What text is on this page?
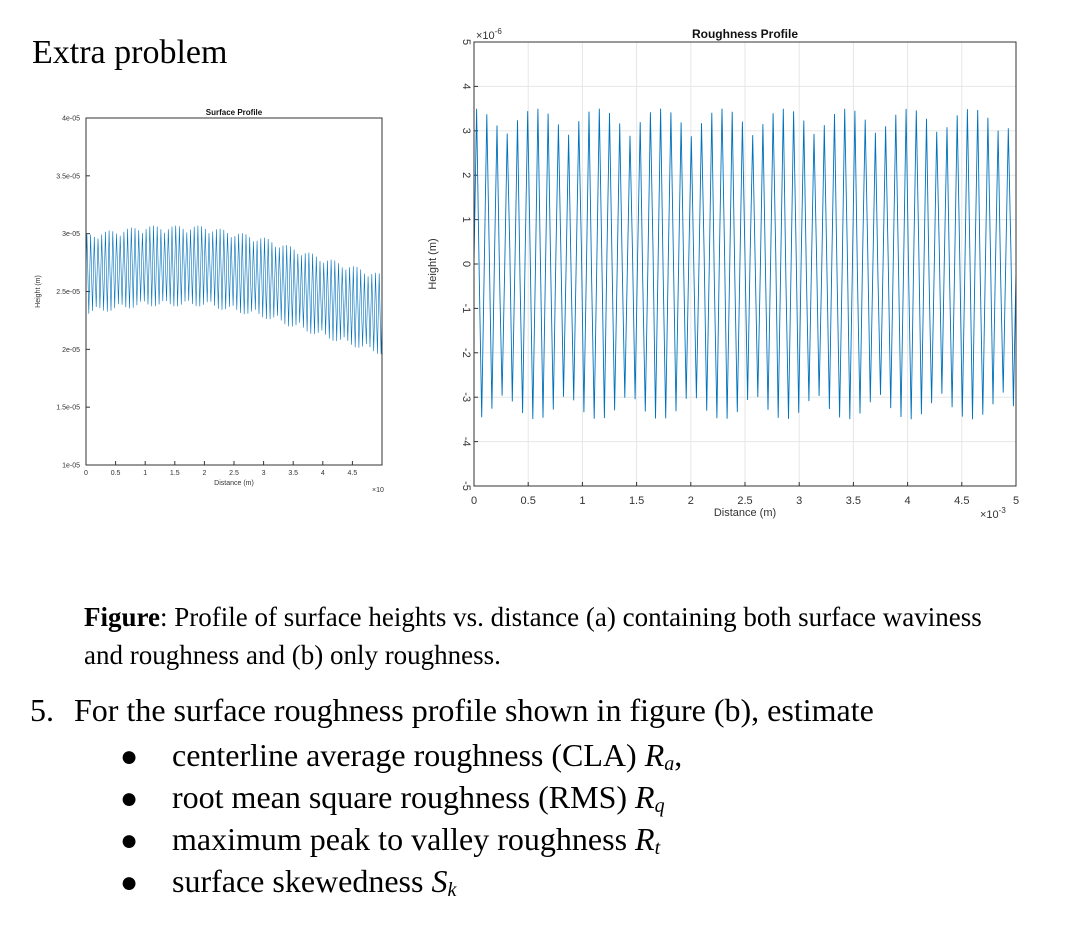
Extra problem
0	0.5	1	1.5	2	2.5	3	3.5	4	4.5
1e-05
1.5e-05
2e-05
2.5e-05
3e-05
3.5e-05
4e-05
Surface Profile
Distance (m)
Height (m)
×10
0	0.5	1	1.5	2	2.5	3	3.5	4	4.5	5
5
4
3
2
1
0
-1
-2
-3
-4
-5
Roughness Profile
Distance (m)
Height (m)
$\times 10^{-6}$
$\times 10^{-3}$
Figure: Profile of surface heights vs. distance (a) containing both surface waviness and roughness and (b) only roughness.
5. For the surface roughness profile shown in figure (b), estimate
● centerline average roughness (CLA) $R_a$,
● root mean square roughness (RMS) $R_q$
● maximum peak to valley roughness $R_t$
● surface skewedness $S_k$
